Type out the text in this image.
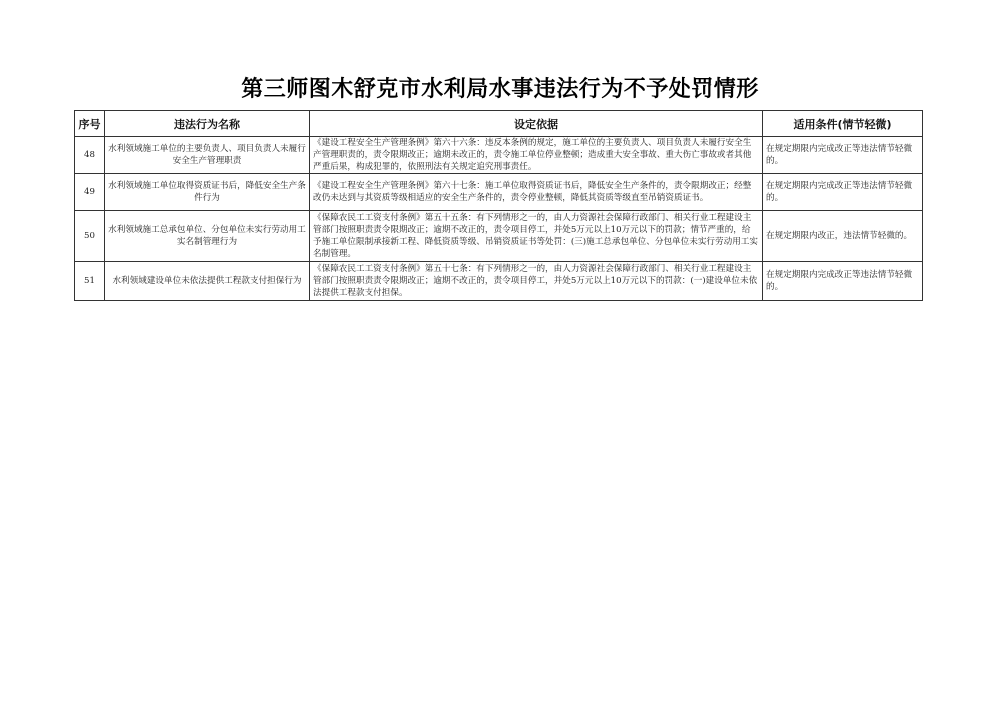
第三师图木舒克市水利局水事违法行为不予处罚情形
序号	违法行为名称	设定依据	适用条件(情节轻微)
48	水利领域施工单位的主要负责人、项目负责人未履行安全生产管理职责	《建设工程安全生产管理条例》第六十六条：违反本条例的规定，施工单位的主要负责人、项目负责人未履行安全生产管理职责的，责令限期改正；逾期未改正的，责令施工单位停业整顿；造成重大安全事故、重大伤亡事故或者其他严重后果，构成犯罪的，依照刑法有关规定追究刑事责任。	在规定期限内完成改正等违法情节轻微的。
49	水利领域施工单位取得资质证书后，降低安全生产条件行为	《建设工程安全生产管理条例》第六十七条：施工单位取得资质证书后，降低安全生产条件的，责令限期改正；经整改仍未达到与其资质等级相适应的安全生产条件的，责令停业整顿，降低其资质等级直至吊销资质证书。	在规定期限内完成改正等违法情节轻微的。
50	水利领域施工总承包单位、分包单位未实行劳动用工实名制管理行为	《保障农民工工资支付条例》第五十五条：有下列情形之一的，由人力资源社会保障行政部门、相关行业工程建设主管部门按照职责责令限期改正；逾期不改正的，责令项目停工，并处5万元以上10万元以下的罚款；情节严重的，给予施工单位限制承接新工程、降低资质等级、吊销资质证书等处罚：(三)施工总承包单位、分包单位未实行劳动用工实名制管理。	在规定期限内改正，违法情节轻微的。
51	水利领域建设单位未依法提供工程款支付担保行为	《保障农民工工资支付条例》第五十七条：有下列情形之一的，由人力资源社会保障行政部门、相关行业工程建设主管部门按照职责责令限期改正；逾期不改正的，责令项目停工，并处5万元以上10万元以下的罚款：(一)建设单位未依法提供工程款支付担保。	在规定期限内完成改正等违法情节轻微的。
